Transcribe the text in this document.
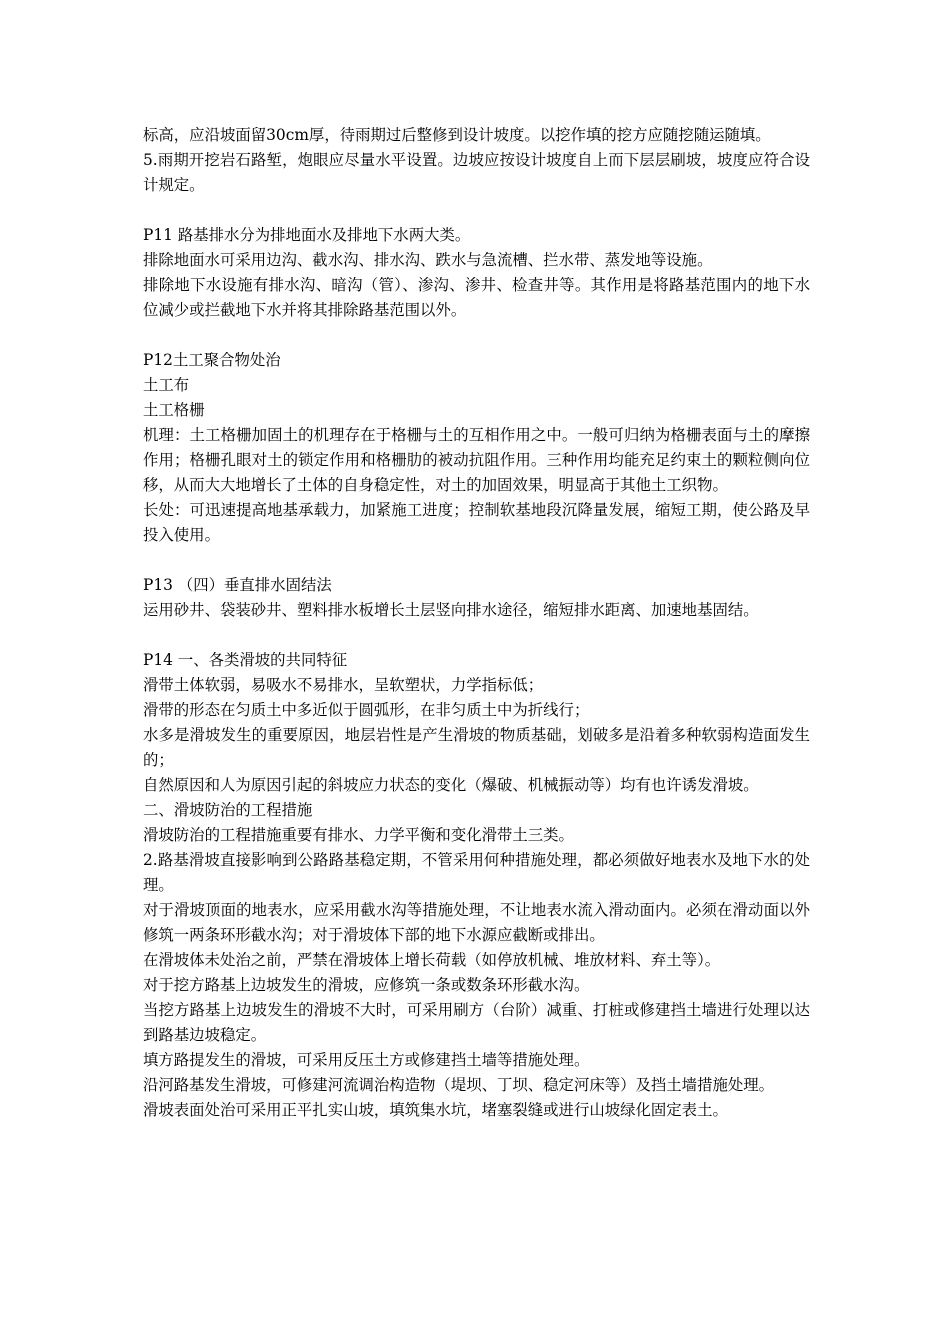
标高，应沿坡面留30cm厚，待雨期过后整修到设计坡度。以挖作填的挖方应随挖随运随填。

5.雨期开挖岩石路堑，炮眼应尽量水平设置。边坡应按设计坡度自上而下层层刷坡，坡度应符合设计规定。

P11 路基排水分为排地面水及排地下水两大类。

排除地面水可采用边沟、截水沟、排水沟、跌水与急流槽、拦水带、蒸发地等设施。

排除地下水设施有排水沟、暗沟（管）、渗沟、渗井、检查井等。其作用是将路基范围内的地下水位减少或拦截地下水并将其排除路基范围以外。

P12土工聚合物处治

土工布

土工格栅

机理：土工格栅加固土的机理存在于格栅与土的互相作用之中。一般可归纳为格栅表面与土的摩擦作用；格栅孔眼对土的锁定作用和格栅肋的被动抗阻作用。三种作用均能充足约束土的颗粒侧向位移，从而大大地增长了土体的自身稳定性，对土的加固效果，明显高于其他土工织物。

长处：可迅速提高地基承载力，加紧施工进度；控制软基地段沉降量发展，缩短工期，使公路及早投入使用。

P13 （四）垂直排水固结法

运用砂井、袋装砂井、塑料排水板增长土层竖向排水途径，缩短排水距离、加速地基固结。

P14 一、各类滑坡的共同特征

滑带土体软弱，易吸水不易排水，呈软塑状，力学指标低；

滑带的形态在匀质土中多近似于圆弧形，在非匀质土中为折线行；

水多是滑坡发生的重要原因，地层岩性是产生滑坡的物质基础，划破多是沿着多种软弱构造面发生的；

自然原因和人为原因引起的斜坡应力状态的变化（爆破、机械振动等）均有也许诱发滑坡。

二、滑坡防治的工程措施

滑坡防治的工程措施重要有排水、力学平衡和变化滑带土三类。

2.路基滑坡直接影响到公路路基稳定期，不管采用何种措施处理，都必须做好地表水及地下水的处理。

对于滑坡顶面的地表水，应采用截水沟等措施处理，不让地表水流入滑动面内。必须在滑动面以外修筑一两条环形截水沟；对于滑坡体下部的地下水源应截断或排出。

在滑坡体未处治之前，严禁在滑坡体上增长荷载（如停放机械、堆放材料、弃土等）。

对于挖方路基上边坡发生的滑坡，应修筑一条或数条环形截水沟。

当挖方路基上边坡发生的滑坡不大时，可采用刷方（台阶）减重、打桩或修建挡土墙进行处理以达到路基边坡稳定。

填方路提发生的滑坡，可采用反压土方或修建挡土墙等措施处理。

沿河路基发生滑坡，可修建河流调治构造物（堤坝、丁坝、稳定河床等）及挡土墙措施处理。

滑坡表面处治可采用正平扎实山坡，填筑集水坑，堵塞裂缝或进行山坡绿化固定表土。
